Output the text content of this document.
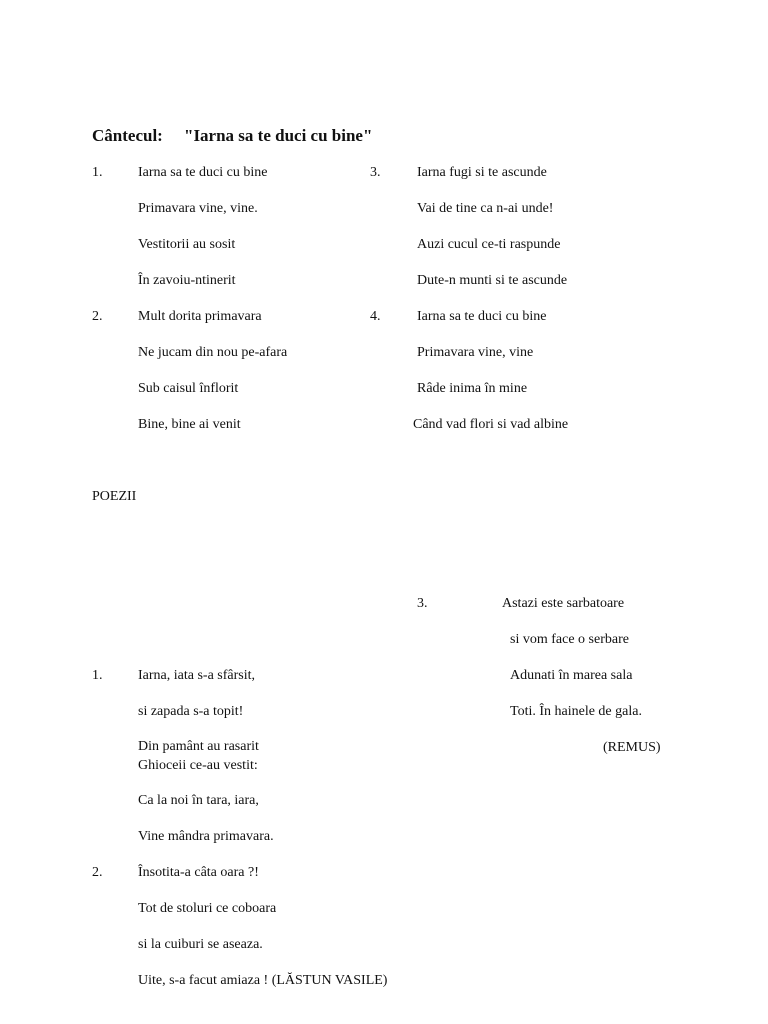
Cântecul: "Iarna sa te duci cu bine"
1.	Iarna sa te duci cu bine
Primavara vine, vine.
Vestitorii au sosit
În zavoiu-ntinerit
2.	Mult dorita primavara
Ne jucam din nou pe-afara
Sub caisul înflorit
Bine, bine ai venit
3.	Iarna fugi si te ascunde
Vai de tine ca n-ai unde!
Auzi cucul ce-ti raspunde
Dute-n munti si te ascunde
4.	Iarna sa te duci cu bine
Primavara vine, vine
Râde inima în mine
Când vad flori si vad albine
POEZII
3.	Astazi este sarbatoare
si vom face o serbare
Adunati în marea sala
Toti. În hainele de gala.
(REMUS)
1.	Iarna, iata s-a sfârsit,
si zapada s-a topit!
Din pamânt au rasarit
Ghioceii ce-au vestit:
Ca la noi în tara, iara,
Vine mândra primavara.
2.	Însotita-a câta oara ?!
Tot de stoluri ce coboara
si la cuiburi se aseaza.
Uite, s-a facut amiaza ! (LĂSTUN VASILE)
